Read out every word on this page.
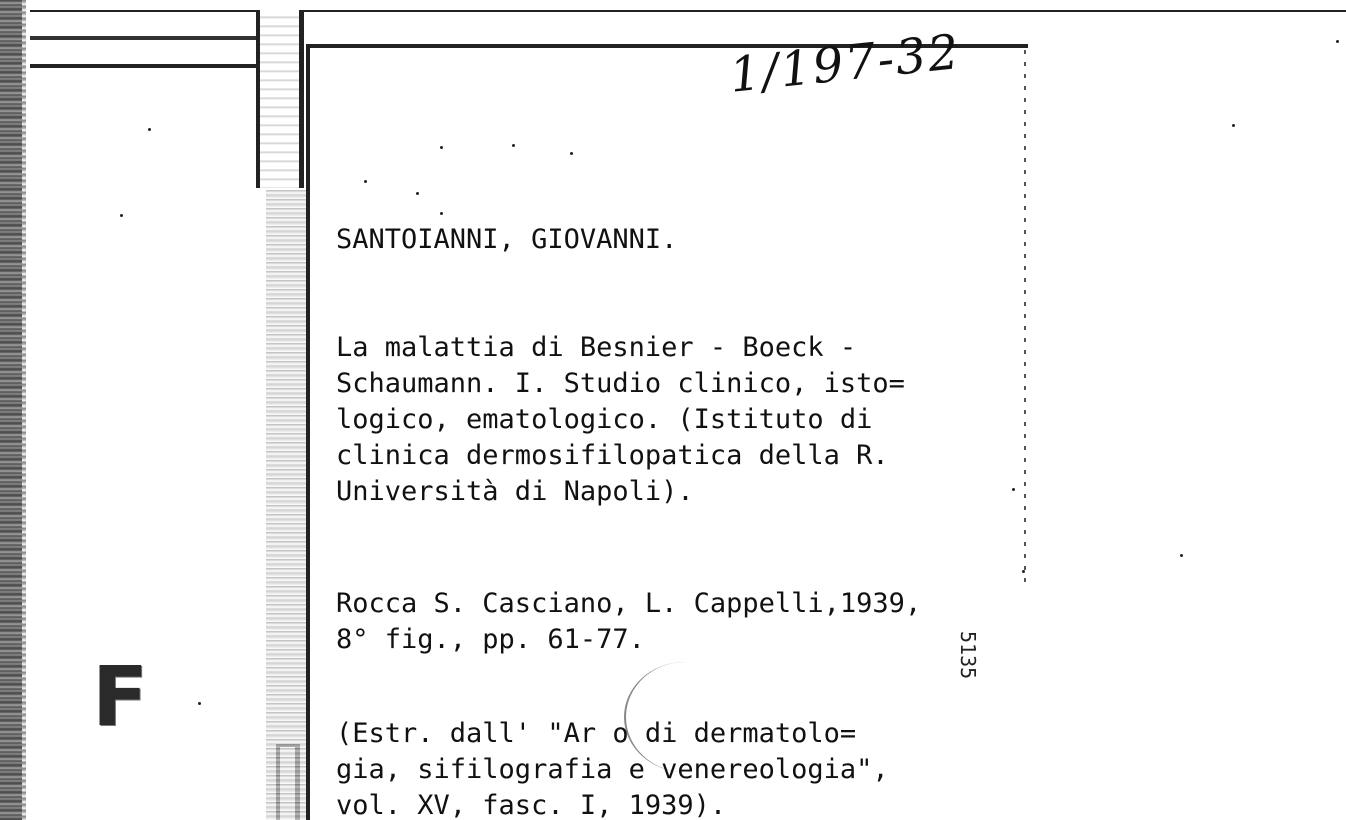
F
1/197-32
SANTOIANNI, GIOVANNI.
La malattia di Besnier - Boeck -
Schaumann. I. Studio clinico, isto=
logico, ematologico. (Istituto di
clinica dermosifilopatica della R.
Università di Napoli).
Rocca S. Casciano, L. Cappelli,1939,
8° fig., pp. 61-77.	5135
(Estr. dall' "Ar o di dermatolo=
gia, sifilografia e venereologia",
vol. XV, fasc. I, 1939).
